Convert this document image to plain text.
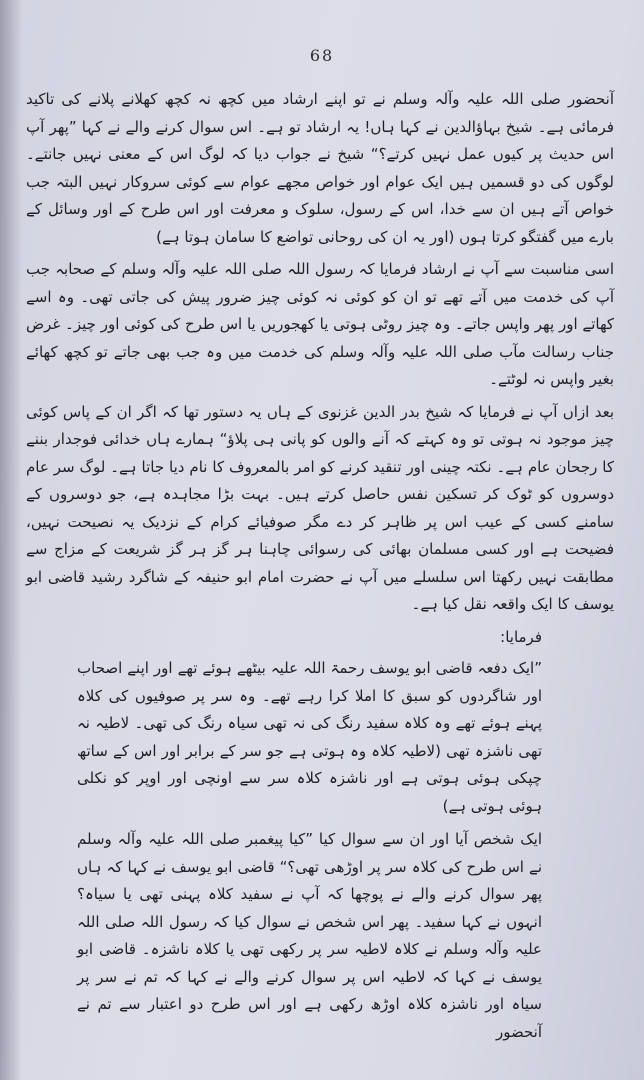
68

آنحضور صلی اللہ علیہ وآلہ وسلم نے تو اپنے ارشاد میں کچھ نہ کچھ کھلانے پلانے کی تاکید فرمائی ہے۔ شیخ بہاؤالدین نے کہا ہاں! یہ ارشاد تو ہے۔ اس سوال کرنے والے نے کہا ”پھر آپ اس حدیث پر کیوں عمل نہیں کرتے؟“ شیخ نے جواب دیا کہ لوگ اس کے معنی نہیں جانتے۔ لوگوں کی دو قسمیں ہیں ایک عوام اور خواص مجھے عوام سے کوئی سروکار نہیں البتہ جب خواص آتے ہیں ان سے خدا، اس کے رسول، سلوک و معرفت اور اس طرح کے اور وسائل کے بارے میں گفتگو کرتا ہوں (اور یہ ان کی روحانی تواضع کا سامان ہوتا ہے)

اسی مناسبت سے آپ نے ارشاد فرمایا کہ رسول اللہ صلی اللہ علیہ وآلہ وسلم کے صحابہ جب آپ کی خدمت میں آتے تھے تو ان کو کوئی نہ کوئی چیز ضرور پیش کی جاتی تھی۔ وہ اسے کھاتے اور پھر واپس جاتے۔ وہ چیز روٹی ہوتی یا کھجوریں یا اس طرح کی کوئی اور چیز۔ غرض جناب رسالت مآب صلی اللہ علیہ وآلہ وسلم کی خدمت میں وہ جب بھی جاتے تو کچھ کھائے بغیر واپس نہ لوٹتے۔

بعد ازاں آپ نے فرمایا کہ شیخ بدر الدین غزنوی کے ہاں یہ دستور تھا کہ اگر ان کے پاس کوئی چیز موجود نہ ہوتی تو وہ کہتے کہ آنے والوں کو پانی ہی پلاؤ“ ہمارے ہاں خدائی فوجدار بننے کا رجحان عام ہے۔ نکتہ چینی اور تنقید کرنے کو امر بالمعروف کا نام دیا جاتا ہے۔ لوگ سر عام دوسروں کو ٹوک کر تسکین نفس حاصل کرتے ہیں۔ بہت بڑا مجاہدہ ہے، جو دوسروں کے سامنے کسی کے عیب اس پر ظاہر کر دے مگر صوفیائے کرام کے نزدیک یہ نصیحت نہیں، فضیحت ہے اور کسی مسلمان بھائی کی رسوائی چاہنا ہر گز ہر گز شریعت کے مزاج سے مطابقت نہیں رکھتا اس سلسلے میں آپ نے حضرت امام ابو حنیفہ کے شاگرد رشید قاضی ابو یوسف کا ایک واقعہ نقل کیا ہے۔

فرمایا:

”ایک دفعہ قاضی ابو یوسف رحمۃ اللہ علیہ بیٹھے ہوئے تھے اور اپنے اصحاب اور شاگردوں کو سبق کا املا کرا رہے تھے۔ وہ سر پر صوفیوں کی کلاہ پہنے ہوئے تھے وہ کلاہ سفید رنگ کی نہ تھی سیاہ رنگ کی تھی۔ لاطیہ نہ تھی ناشزہ تھی (لاطیہ کلاہ وہ ہوتی ہے جو سر کے برابر اور اس کے ساتھ چپکی ہوئی ہوتی ہے اور ناشزہ کلاہ سر سے اونچی اور اوپر کو نکلی ہوئی ہوتی ہے)

ایک شخص آیا اور ان سے سوال کیا ”کیا پیغمبر صلی اللہ علیہ وآلہ وسلم نے اس طرح کی کلاہ سر پر اوڑھی تھی؟“ قاضی ابو یوسف نے کہا کہ ہاں پھر سوال کرنے والے نے پوچھا کہ آپ نے سفید کلاہ پہنی تھی یا سیاہ؟ انہوں نے کہا سفید۔ پھر اس شخص نے سوال کیا کہ رسول اللہ صلی اللہ علیہ وآلہ وسلم نے کلاہ لاطیہ سر پر رکھی تھی یا کلاہ ناشزہ۔ قاضی ابو یوسف نے کہا کہ لاطیہ اس پر سوال کرنے والے نے کہا کہ تم نے سر پر سیاہ اور ناشزہ کلاہ اوڑھ رکھی ہے اور اس طرح دو اعتبار سے تم نے آنحضور
